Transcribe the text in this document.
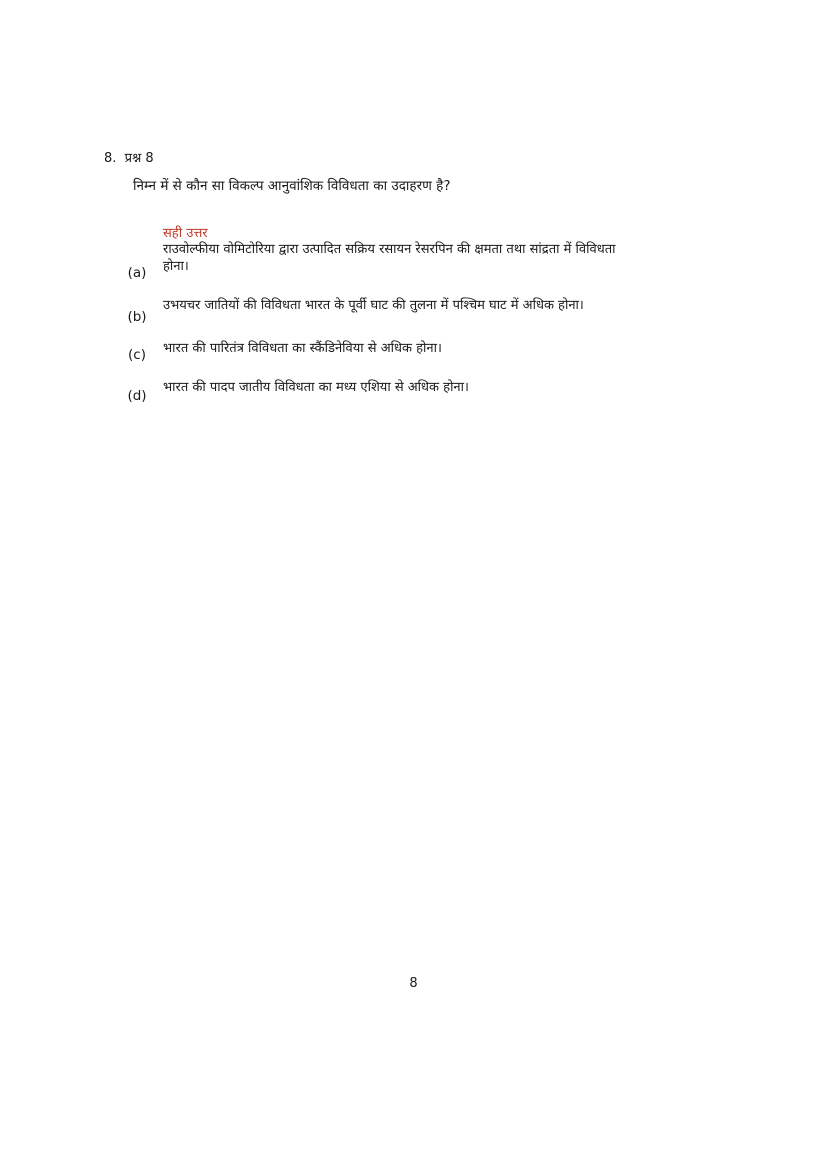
8. प्रश्न 8
निम्न में से कौन सा विकल्प आनुवांशिक विविधता का उदाहरण है?
सही उत्तर
(a)
राउवोल्फीया वोमिटोरिया द्वारा उत्पादित सक्रिय रसायन रेसरपिन की क्षमता तथा सांद्रता में विविधता होना।
(b)
उभयचर जातियों की विविधता भारत के पूर्वी घाट की तुलना में पश्चिम घाट में अधिक होना।
(c) भारत की पारितंत्र विविधता का स्कैंडिनेविया से अधिक होना।
(d)
भारत की पादप जातीय विविधता का मध्य एशिया से अधिक होना।
8
